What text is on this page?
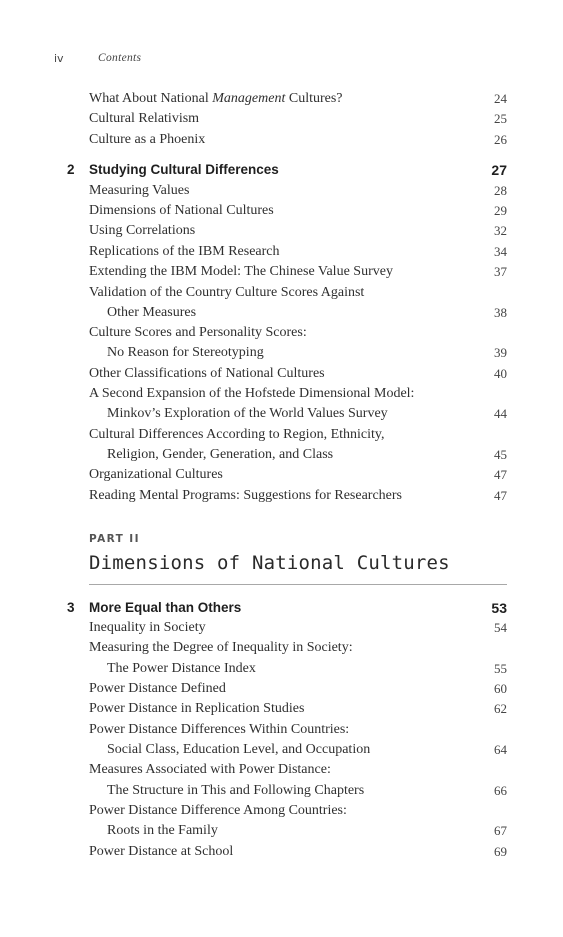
iv	Contents
What About National Management Cultures?	24
Cultural Relativism	25
Culture as a Phoenix	26
2 Studying Cultural Differences	27
Measuring Values	28
Dimensions of National Cultures	29
Using Correlations	32
Replications of the IBM Research	34
Extending the IBM Model: The Chinese Value Survey	37
Validation of the Country Culture Scores Against
Other Measures	38
Culture Scores and Personality Scores:
No Reason for Stereotyping	39
Other Classifications of National Cultures	40
A Second Expansion of the Hofstede Dimensional Model:
Minkov’s Exploration of the World Values Survey	44
Cultural Differences According to Region, Ethnicity,
Religion, Gender, Generation, and Class	45
Organizational Cultures	47
Reading Mental Programs: Suggestions for Researchers	47
PART II
Dimensions of National Cultures
3 More Equal than Others	53
Inequality in Society	54
Measuring the Degree of Inequality in Society:
The Power Distance Index	55
Power Distance Defined	60
Power Distance in Replication Studies	62
Power Distance Differences Within Countries:
Social Class, Education Level, and Occupation	64
Measures Associated with Power Distance:
The Structure in This and Following Chapters	66
Power Distance Difference Among Countries:
Roots in the Family	67
Power Distance at School	69
